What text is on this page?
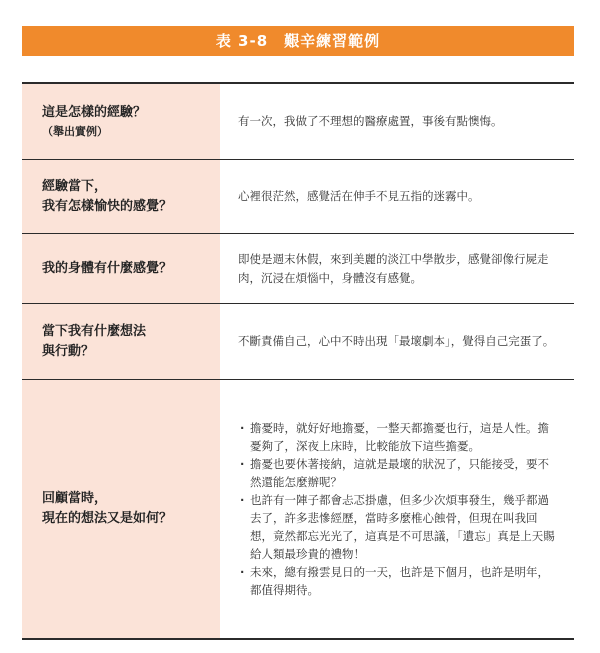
表 3-8　艱辛練習範例
這是怎樣的經驗？
（舉出實例）
有一次，我做了不理想的醫療處置，事後有點懊悔。
經驗當下，
我有怎樣愉快的感覺？
心裡很茫然，感覺活在伸手不見五指的迷霧中。
我的身體有什麼感覺？
即使是週末休假，來到美麗的淡江中學散步，感覺卻像行屍走肉，沉浸在煩惱中，身體沒有感覺。
當下我有什麼想法
與行動？
不斷責備自己，心中不時出現「最壞劇本」，覺得自己完蛋了。
回顧當時，
現在的想法又是如何？
· 擔憂時，就好好地擔憂，一整天都擔憂也行，這是人性。擔憂夠了，深夜上床時，比較能放下這些擔憂。
· 擔憂也要休著接納，這就是最壞的狀況了，只能接受，要不然還能怎麼辦呢？
· 也許有一陣子都會忐忑掛慮，但多少次煩事發生，幾乎都過去了，許多悲慘經歷，當時多麼椎心蝕骨，但現在叫我回想，竟然都忘光光了，這真是不可思議，「遺忘」真是上天賜給人類最珍貴的禮物！
· 未來，總有撥雲見日的一天，也許是下個月，也許是明年，都值得期待。
